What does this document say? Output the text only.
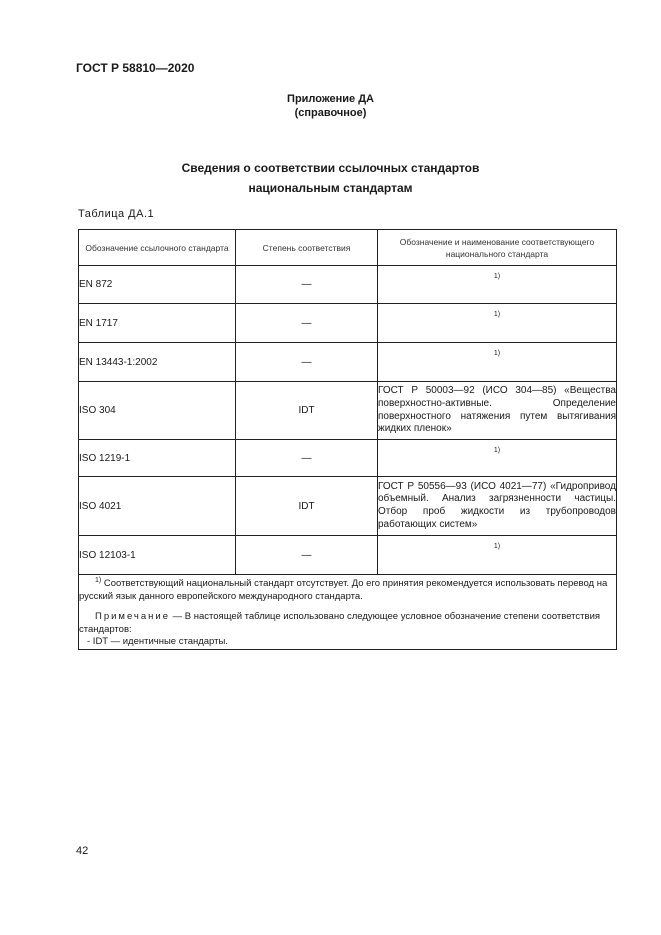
ГОСТ Р 58810—2020
Приложение ДА
(справочное)
Сведения о соответствии ссылочных стандартов
национальным стандартам
Таблица ДА.1
Обозначение ссылочного стандарта	Степень соответствия	Обозначение и наименование соответствующего национального стандарта
EN 872	—	$^{1)}$
EN 1717	—	$^{1)}$
EN 13443-1:2002	—	$^{1)}$
ISO 304	IDT	ГОСТ Р 50003—92 (ИСО 304—85) «Вещества поверхностно-активные. Определение поверхностного натяжения путем вытягивания жидких пленок»
ISO 1219-1	—	$^{1)}$
ISO 4021	IDT	ГОСТ Р 50556—93 (ИСО 4021—77) «Гидропривод объемный. Анализ загрязненности частицы. Отбор проб жидкости из трубопроводов работающих систем»
ISO 12103-1	—	$^{1)}$

$^{1)}$ Соответствующий национальный стандарт отсутствует. До его принятия рекомендуется использовать перевод на русский язык данного европейского международного стандарта.

Примечание — В настоящей таблице использовано следующее условное обозначение степени соответствия стандартов:

- IDT — идентичные стандарты.		

42
